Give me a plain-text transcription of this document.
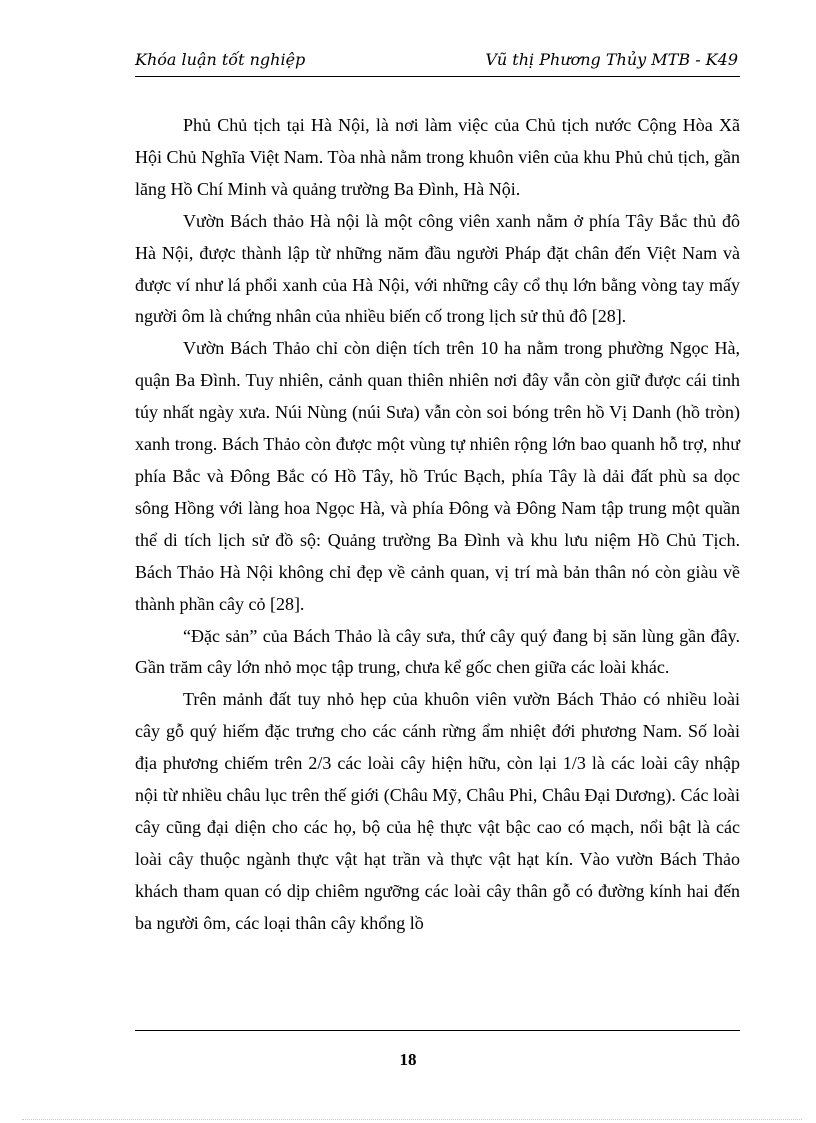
Khóa luận tốt nghiệp	Vũ thị Phương Thủy MTB - K49

Phủ Chủ tịch tại Hà Nội, là nơi làm việc của Chủ tịch nước Cộng Hòa Xã Hội Chủ Nghĩa Việt Nam. Tòa nhà nằm trong khuôn viên của khu Phủ chủ tịch, gần lăng Hồ Chí Minh và quảng trường Ba Đình, Hà Nội.

Vườn Bách thảo Hà nội là một công viên xanh nằm ở phía Tây Bắc thủ đô Hà Nội, được thành lập từ những năm đầu người Pháp đặt chân đến Việt Nam và được ví như lá phổi xanh của Hà Nội, với những cây cổ thụ lớn bằng vòng tay mấy người ôm là chứng nhân của nhiều biến cố trong lịch sử thủ đô [28].

Vườn Bách Thảo chỉ còn diện tích trên 10 ha nằm trong phường Ngọc Hà, quận Ba Đình. Tuy nhiên, cảnh quan thiên nhiên nơi đây vẫn còn giữ được cái tinh túy nhất ngày xưa. Núi Nùng (núi Sưa) vẫn còn soi bóng trên hồ Vị Danh (hồ tròn) xanh trong. Bách Thảo còn được một vùng tự nhiên rộng lớn bao quanh hỗ trợ, như phía Bắc và Đông Bắc có Hồ Tây, hồ Trúc Bạch, phía Tây là dải đất phù sa dọc sông Hồng với làng hoa Ngọc Hà, và phía Đông và Đông Nam tập trung một quần thể di tích lịch sử đồ sộ: Quảng trường Ba Đình và khu lưu niệm Hồ Chủ Tịch. Bách Thảo Hà Nội không chỉ đẹp về cảnh quan, vị trí mà bản thân nó còn giàu về thành phần cây cỏ [28].

“Đặc sản” của Bách Thảo là cây sưa, thứ cây quý đang bị săn lùng gần đây. Gần trăm cây lớn nhỏ mọc tập trung, chưa kể gốc chen giữa các loài khác.

Trên mảnh đất tuy nhỏ hẹp của khuôn viên vườn Bách Thảo có nhiều loài cây gỗ quý hiếm đặc trưng cho các cánh rừng ẩm nhiệt đới phương Nam. Số loài địa phương chiếm trên 2/3 các loài cây hiện hữu, còn lại 1/3 là các loài cây nhập nội từ nhiều châu lục trên thế giới (Châu Mỹ, Châu Phi, Châu Đại Dương). Các loài cây cũng đại diện cho các họ, bộ của hệ thực vật bậc cao có mạch, nổi bật là các loài cây thuộc ngành thực vật hạt trần và thực vật hạt kín. Vào vườn Bách Thảo khách tham quan có dịp chiêm ngưỡng các loài cây thân gỗ có đường kính hai đến ba người ôm, các loại thân cây khổng lồ

18
